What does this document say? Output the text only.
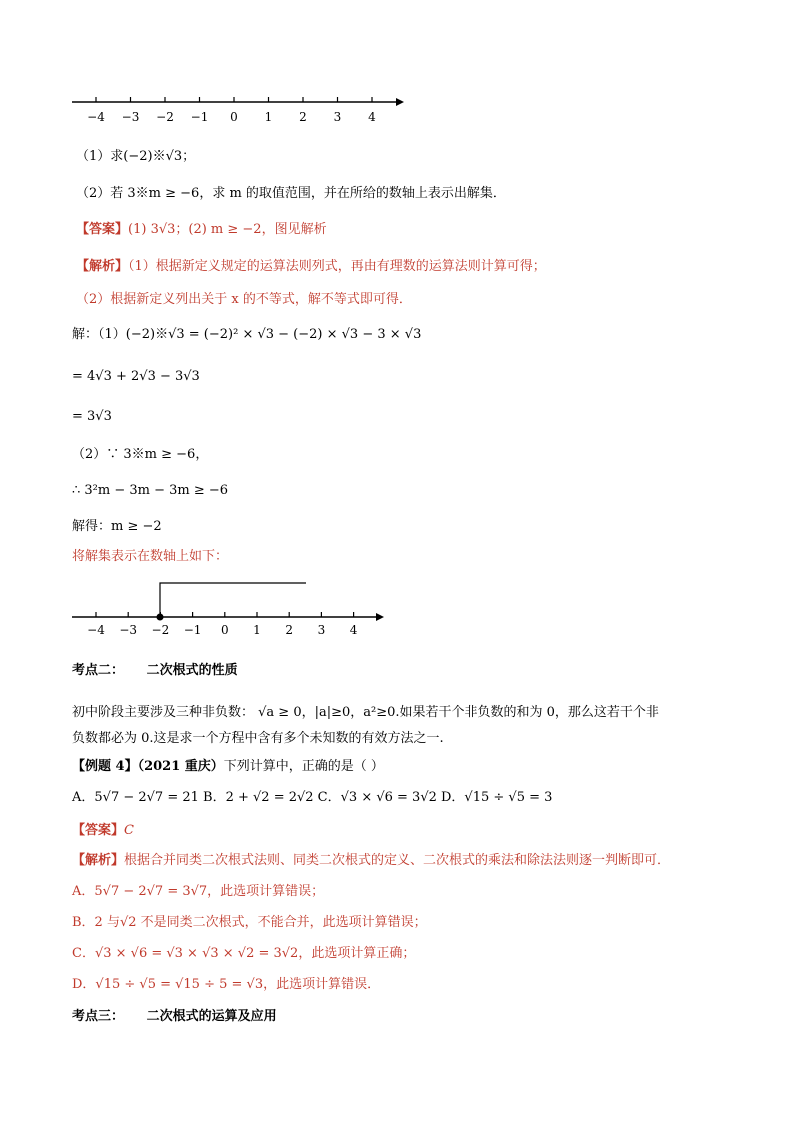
−4 −3 −2 −1 0 1 2 3 4
（1）求(−2)※√3；
（2）若 3※m ≥ −6，求 m 的取值范围，并在所给的数轴上表示出解集．
【答案】(1) 3√3；(2) m ≥ −2，图见解析
【解析】（1）根据新定义规定的运算法则列式，再由有理数的运算法则计算可得；
（2）根据新定义列出关于 x 的不等式，解不等式即可得．
解：（1）(−2)※√3 = (−2)² × √3 − (−2) × √3 − 3 × √3
= 4√3 + 2√3 − 3√3
= 3√3
（2）∵ 3※m ≥ −6，
∴ 3²m − 3m − 3m ≥ −6
解得：m ≥ −2
将解集表示在数轴上如下：
−4 −3 −2 −1 0 1 2 3 4
考点二： 二次根式的性质
初中阶段主要涉及三种非负数： √a ≥ 0，|a|≥0，a²≥0.如果若干个非负数的和为 0，那么这若干个非
负数都必为 0.这是求一个方程中含有多个未知数的有效方法之一.
【例题 4】（2021 重庆）下列计算中，正确的是（ ）
A．5√7 − 2√7 = 21 B．2 + √2 = 2√2 C．√3 × √6 = 3√2 D．√15 ÷ √5 = 3
【答案】C
【解析】根据合并同类二次根式法则、同类二次根式的定义、二次根式的乘法和除法法则逐一判断即可．
A．5√7 − 2√7 = 3√7，此选项计算错误；
B．2 与√2 不是同类二次根式，不能合并，此选项计算错误；
C．√3 × √6 = √3 × √3 × √2 = 3√2，此选项计算正确；
D．√15 ÷ √5 = √15 ÷ 5 = √3，此选项计算错误．
考点三： 二次根式的运算及应用
